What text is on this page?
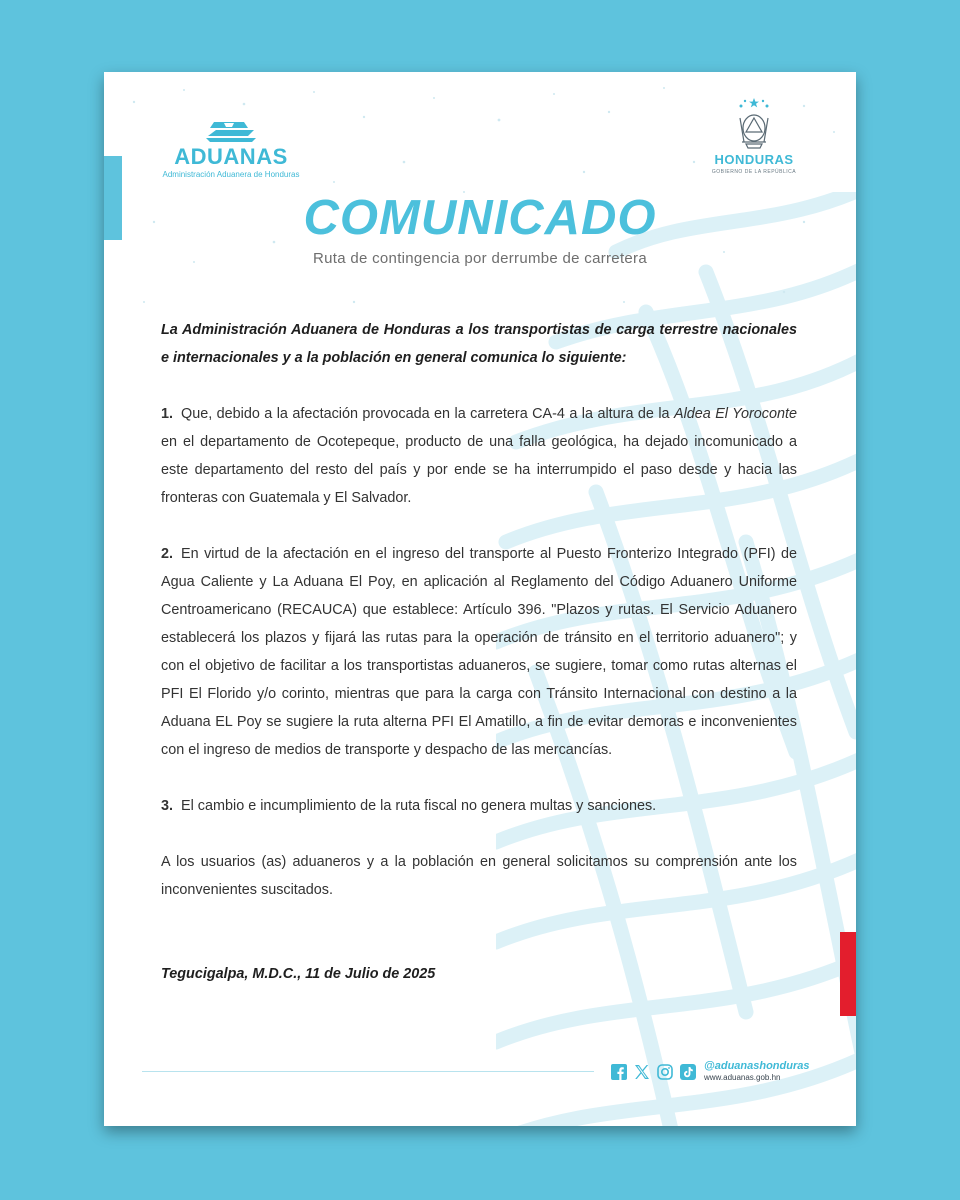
ADUANAS
Administración Aduanera de Honduras
HONDURAS
GOBIERNO DE LA REPÚBLICA
COMUNICADO
Ruta de contingencia por derrumbe de carretera

La Administración Aduanera de Honduras a los transportistas de carga terrestre nacionales e internacionales y a la población en general comunica lo siguiente:

1. Que, debido a la afectación provocada en la carretera CA-4 a la altura de la Aldea El Yoroconte en el departamento de Ocotepeque, producto de una falla geológica, ha dejado incomunicado a este departamento del resto del país y por ende se ha interrumpido el paso desde y hacia las fronteras con Guatemala y El Salvador.

2. En virtud de la afectación en el ingreso del transporte al Puesto Fronterizo Integrado (PFI) de Agua Caliente y La Aduana El Poy, en aplicación al Reglamento del Código Aduanero Uniforme Centroamericano (RECAUCA) que establece: Artículo 396. "Plazos y rutas. El Servicio Aduanero establecerá los plazos y fijará las rutas para la operación de tránsito en el territorio aduanero"; y con el objetivo de facilitar a los transportistas aduaneros, se sugiere, tomar como rutas alternas el PFI El Florido y/o corinto, mientras que para la carga con Tránsito Internacional con destino a la Aduana EL Poy se sugiere la ruta alterna PFI El Amatillo, a fin de evitar demoras e inconvenientes con el ingreso de medios de transporte y despacho de las mercancías.

3. El cambio e incumplimiento de la ruta fiscal no genera multas y sanciones.

A los usuarios (as) aduaneros y a la población en general solicitamos su comprensión ante los inconvenientes suscitados.

Tegucigalpa, M.D.C., 11 de Julio de 2025

@aduanashonduras
www.aduanas.gob.hn
